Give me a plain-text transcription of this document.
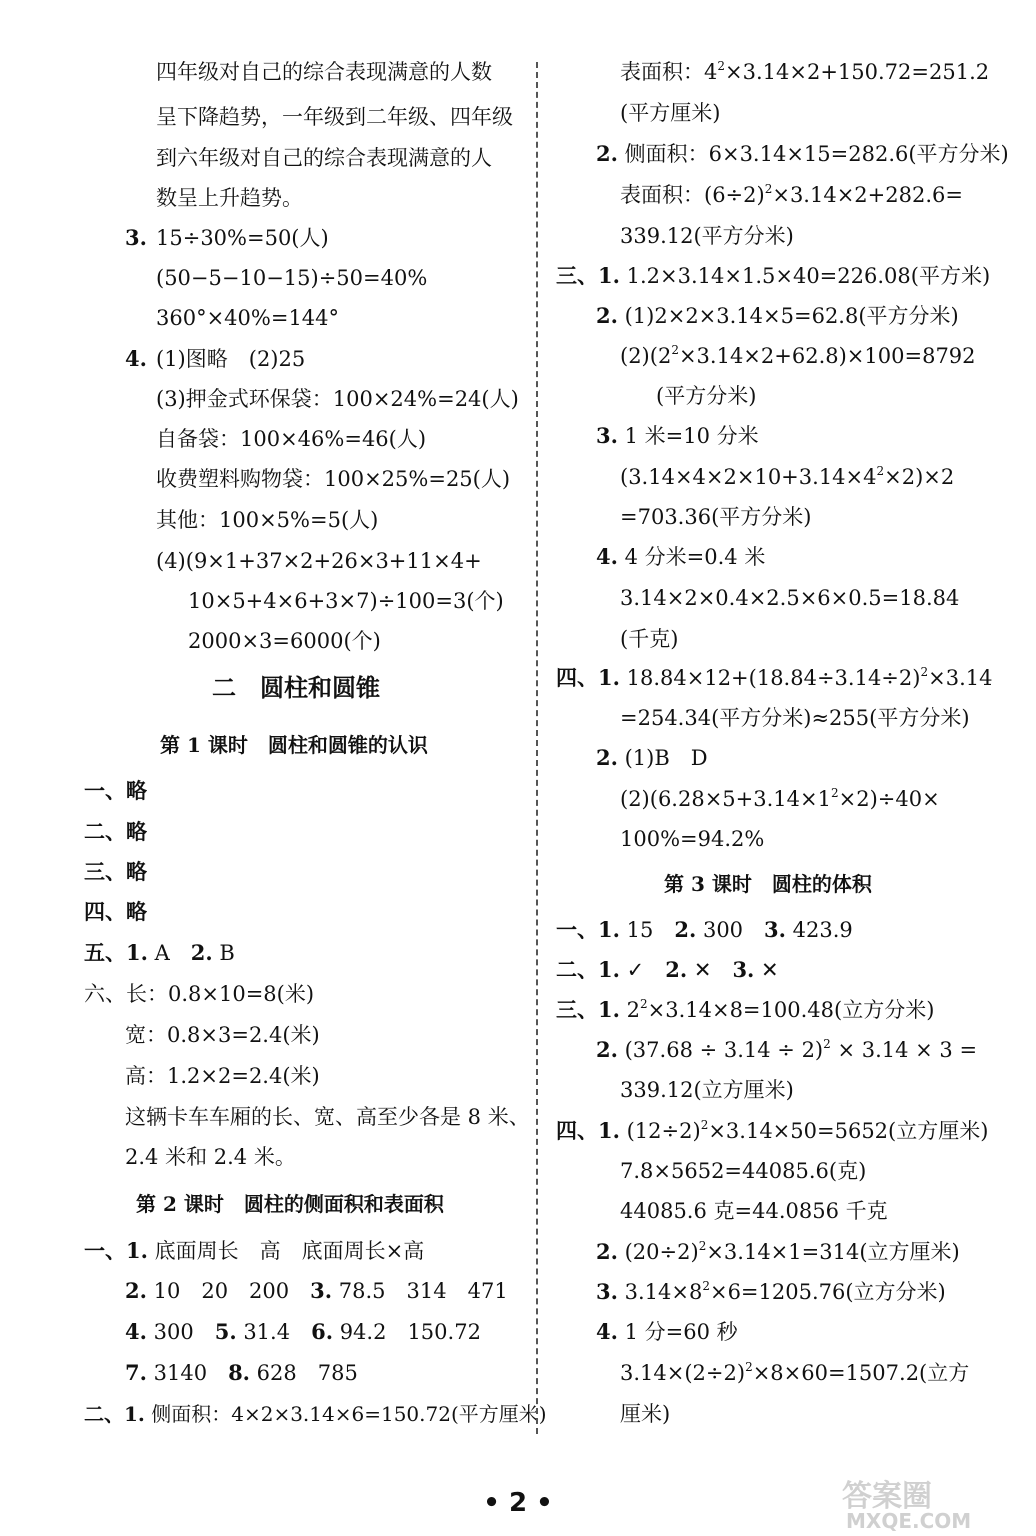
四年级对自己的综合表现满意的人数
呈下降趋势，一年级到二年级、四年级
到六年级对自己的综合表现满意的人
数呈上升趋势。
3. 15÷30%=50(人)
(50−5−10−15)÷50=40%
360°×40%=144°
4. (1)图略　(2)25
(3)押金式环保袋：100×24%=24(人)
自备袋：100×46%=46(人)
收费塑料购物袋：100×25%=25(人)
其他：100×5%=5(人)
(4)(9×1+37×2+26×3+11×4+
10×5+4×6+3×7)÷100=3(个)
2000×3=6000(个)
二　圆柱和圆锥
第 1 课时　圆柱和圆锥的认识
一、略
二、略
三、略
四、略
五、1. A　2. B
六、长：0.8×10=8(米)
宽：0.8×3=2.4(米)
高：1.2×2=2.4(米)
这辆卡车车厢的长、宽、高至少各是 8 米、
2.4 米和 2.4 米。
第 2 课时　圆柱的侧面积和表面积
一、1. 底面周长　高　底面周长×高
2. 10　20　200　3. 78.5　314　471
4. 300　5. 31.4　6. 94.2　150.72
7. 3140　8. 628　785
二、1. 侧面积：4×2×3.14×6=150.72(平方厘米)
表面积：$4^2\times 3.14\times 2+150.72=251.2$
(平方厘米)
2. 侧面积：6×3.14×15=282.6(平方分米)
表面积：$(6\div 2)^2\times 3.14\times 2+282.6=$
339.12(平方分米)
三、1. 1.2×3.14×1.5×40=226.08(平方米)
2. (1)2×2×3.14×5=62.8(平方分米)
$(2)(2^2\times 3.14\times 2+62.8)\times 100=8792$
(平方分米)
3. 1 米=10 分米
$(3.14\times 4\times 2\times 10+3.14\times 4^2\times 2)\times 2$
=703.36(平方分米)
4. 4 分米=0.4 米
3.14×2×0.4×2.5×6×0.5=18.84
(千克)
四、1. $18.84\times 12+(18.84\div 3.14\div 2)^2\times 3.14$
=254.34(平方分米)≈255(平方分米)
2. (1)B　D
$(2)(6.28\times 5+3.14\times 1^2\times 2)\div 40\times$
100%=94.2%
第 3 课时　圆柱的体积
一、1. 15　2. 300　3. 423.9
二、1. ✓　2. ✕　3. ✕
三、1. $2^2\times 3.14\times 8=100.48$(立方分米)
2. $(37.68 \div 3.14 \div 2)^2 \times 3.14 \times 3$ =
339.12(立方厘米)
四、1. $(12\div 2)^2\times 3.14\times 50=5652$(立方厘米)
7.8×5652=44085.6(克)
44085.6 克=44.0856 千克
2. $(20\div 2)^2\times 3.14\times 1=314$(立方厘米)
3. $3.14\times 8^2\times 6=1205.76$(立方分米)
4. 1 分=60 秒
$3.14\times(2\div 2)^2\times 8\times 60=1507.2$(立方
厘米)
• 2 •	答案圈
MXQE.COM
